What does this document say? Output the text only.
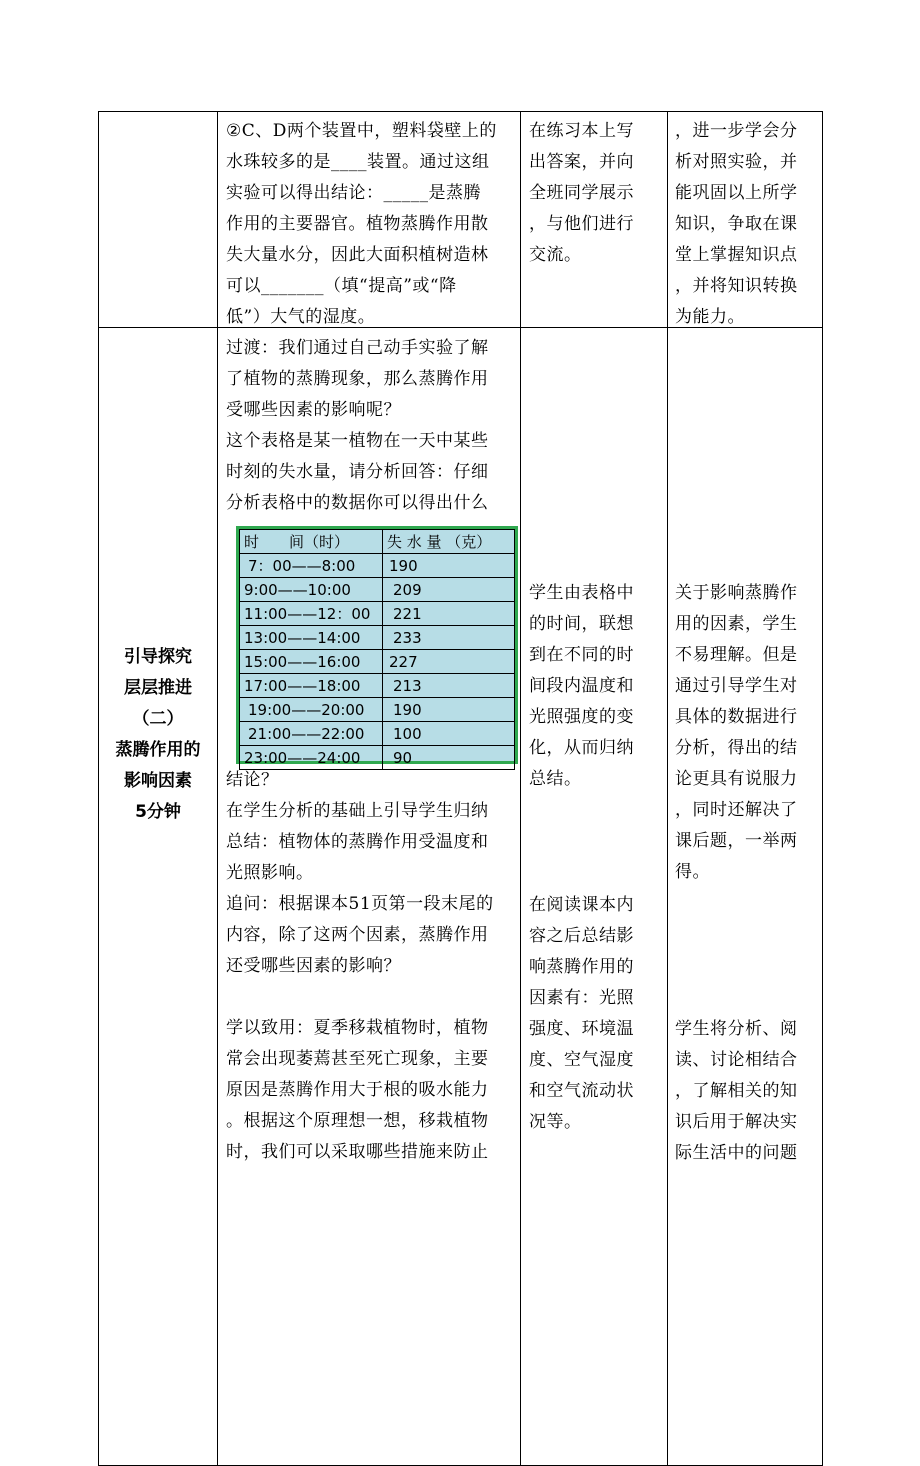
②C、D两个装置中，塑料袋壁上的

水珠较多的是____装置。通过这组

实验可以得出结论：_____是蒸腾

作用的主要器官。植物蒸腾作用散

失大量水分，因此大面积植树造林

可以_______（填“提高”或“降

低”）大气的湿度。

在练习本上写

出答案，并向

全班同学展示

，与他们进行

交流。

，进一步学会分

析对照实验，并

能巩固以上所学

知识，争取在课

堂上掌握知识点

，并将知识转换

为能力。

引导探究
层层推进
（二）
蒸腾作用的
影响因素
5分钟

过渡：我们通过自己动手实验了解

了植物的蒸腾现象，那么蒸腾作用

受哪些因素的影响呢？

这个表格是某一植物在一天中某些

时刻的失水量，请分析回答：仔细

分析表格中的数据你可以得出什么

时　　间（时）	失 水 量 （克）
7：00——8:00	190
9:00——10:00	209
11:00——12：00	221
13:00——14:00	233
15:00——16:00	227
17:00——18:00	213
19:00——20:00	190
21:00——22:00	100
23:00——24:00	90

结论？

在学生分析的基础上引导学生归纳

总结：植物体的蒸腾作用受温度和

光照影响。

追问：根据课本51页第一段末尾的

内容，除了这两个因素，蒸腾作用

还受哪些因素的影响？

学以致用：夏季移栽植物时，植物

常会出现萎蔫甚至死亡现象，主要

原因是蒸腾作用大于根的吸水能力

。根据这个原理想一想，移栽植物

时，我们可以采取哪些措施来防止

学生由表格中

的时间，联想

到在不同的时

间段内温度和

光照强度的变

化，从而归纳

总结。

在阅读课本内

容之后总结影

响蒸腾作用的

因素有：光照

强度、环境温

度、空气湿度

和空气流动状

况等。

关于影响蒸腾作

用的因素，学生

不易理解。但是

通过引导学生对

具体的数据进行

分析，得出的结

论更具有说服力

，同时还解决了

课后题，一举两

得。

学生将分析、阅

读、讨论相结合

，了解相关的知

识后用于解决实

际生活中的问题
